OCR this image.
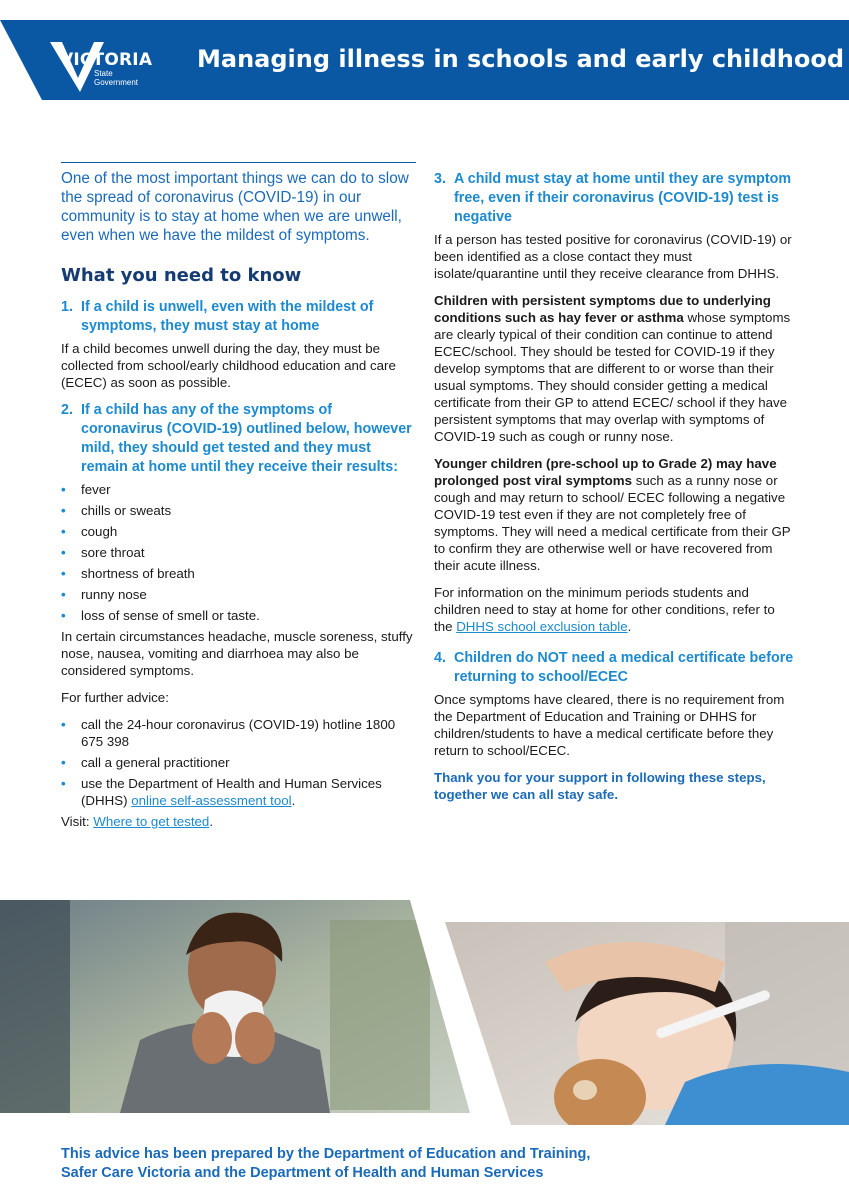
VICTORIA
State
Government
Managing illness in schools and early childhood

One of the most important things we can do to slow the spread of coronavirus (COVID-19) in our community is to stay at home when we are unwell, even when we have the mildest of symptoms.

What you need to know
1. If a child is unwell, even with the mildest of symptoms, they must stay at home

If a child becomes unwell during the day, they must be collected from school/early childhood education and care (ECEC) as soon as possible.

2. If a child has any of the symptoms of coronavirus (COVID-19) outlined below, however mild, they should get tested and they must remain at home until they receive their results:
• fever
• chills or sweats
• cough
• sore throat
• shortness of breath
• runny nose
• loss of sense of smell or taste.

In certain circumstances headache, muscle soreness, stuffy nose, nausea, vomiting and diarrhoea may also be considered symptoms.

For further advice:

• call the 24-hour coronavirus (COVID-19) hotline 1800 675 398
• call a general practitioner
• use the Department of Health and Human Services (DHHS) online self-assessment tool.

Visit: Where to get tested.

3. A child must stay at home until they are symptom free, even if their coronavirus (COVID-19) test is negative

If a person has tested positive for coronavirus (COVID-19) or been identified as a close contact they must isolate/quarantine until they receive clearance from DHHS.

Children with persistent symptoms due to underlying conditions such as hay fever or asthma whose symptoms are clearly typical of their condition can continue to attend ECEC/school. They should be tested for COVID-19 if they develop symptoms that are different to or worse than their usual symptoms. They should consider getting a medical certificate from their GP to attend ECEC/ school if they have persistent symptoms that may overlap with symptoms of COVID-19 such as cough or runny nose.

Younger children (pre-school up to Grade 2) may have prolonged post viral symptoms such as a runny nose or cough and may return to school/ ECEC following a negative COVID-19 test even if they are not completely free of symptoms. They will need a medical certificate from their GP to confirm they are otherwise well or have recovered from their acute illness.

For information on the minimum periods students and children need to stay at home for other conditions, refer to the DHHS school exclusion table.

4. Children do NOT need a medical certificate before returning to school/ECEC

Once symptoms have cleared, there is no requirement from the Department of Education and Training or DHHS for children/students to have a medical certificate before they return to school/ECEC.

Thank you for your support in following these steps, together we can all stay safe.

This advice has been prepared by the Department of Education and Training,
Safer Care Victoria and the Department of Health and Human Services
